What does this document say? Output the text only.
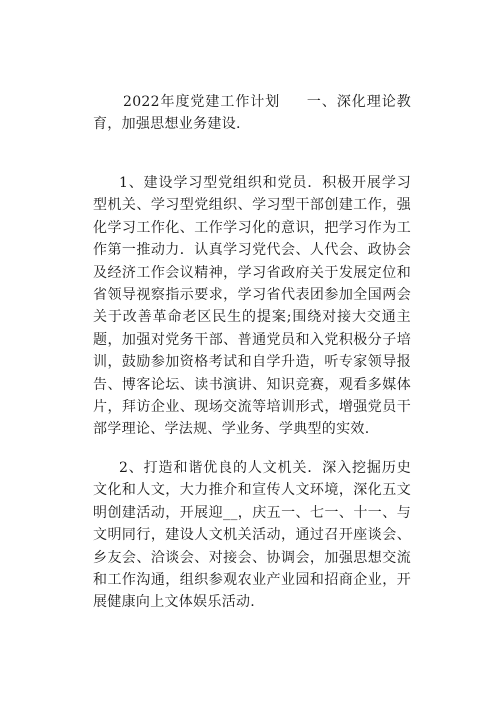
2022年度党建工作计划 一、深化理论教育，加强思想业务建设.

1、建设学习型党组织和党员．积极开展学习型机关、学习型党组织、学习型干部创建工作，强化学习工作化、工作学习化的意识，把学习作为工作第一推动力．认真学习党代会、人代会、政协会及经济工作会议精神，学习省政府关于发展定位和省领导视察指示要求，学习省代表团参加全国两会关于改善革命老区民生的提案;围绕对接大交通主题，加强对党务干部、普通党员和入党积极分子培训，鼓励参加资格考试和自学升造，听专家领导报告、博客论坛、读书演讲、知识竞赛，观看多媒体片，拜访企业、现场交流等培训形式，增强党员干部学理论、学法规、学业务、学典型的实效.

2、打造和谐优良的人文机关．深入挖掘历史文化和人文，大力推介和宣传人文环境，深化五文明创建活动，开展迎__，庆五一、七一、十一、与文明同行，建设人文机关活动，通过召开座谈会、乡友会、洽谈会、对接会、协调会，加强思想交流和工作沟通，组织参观农业产业园和招商企业，开展健康向上文体娱乐活动.
